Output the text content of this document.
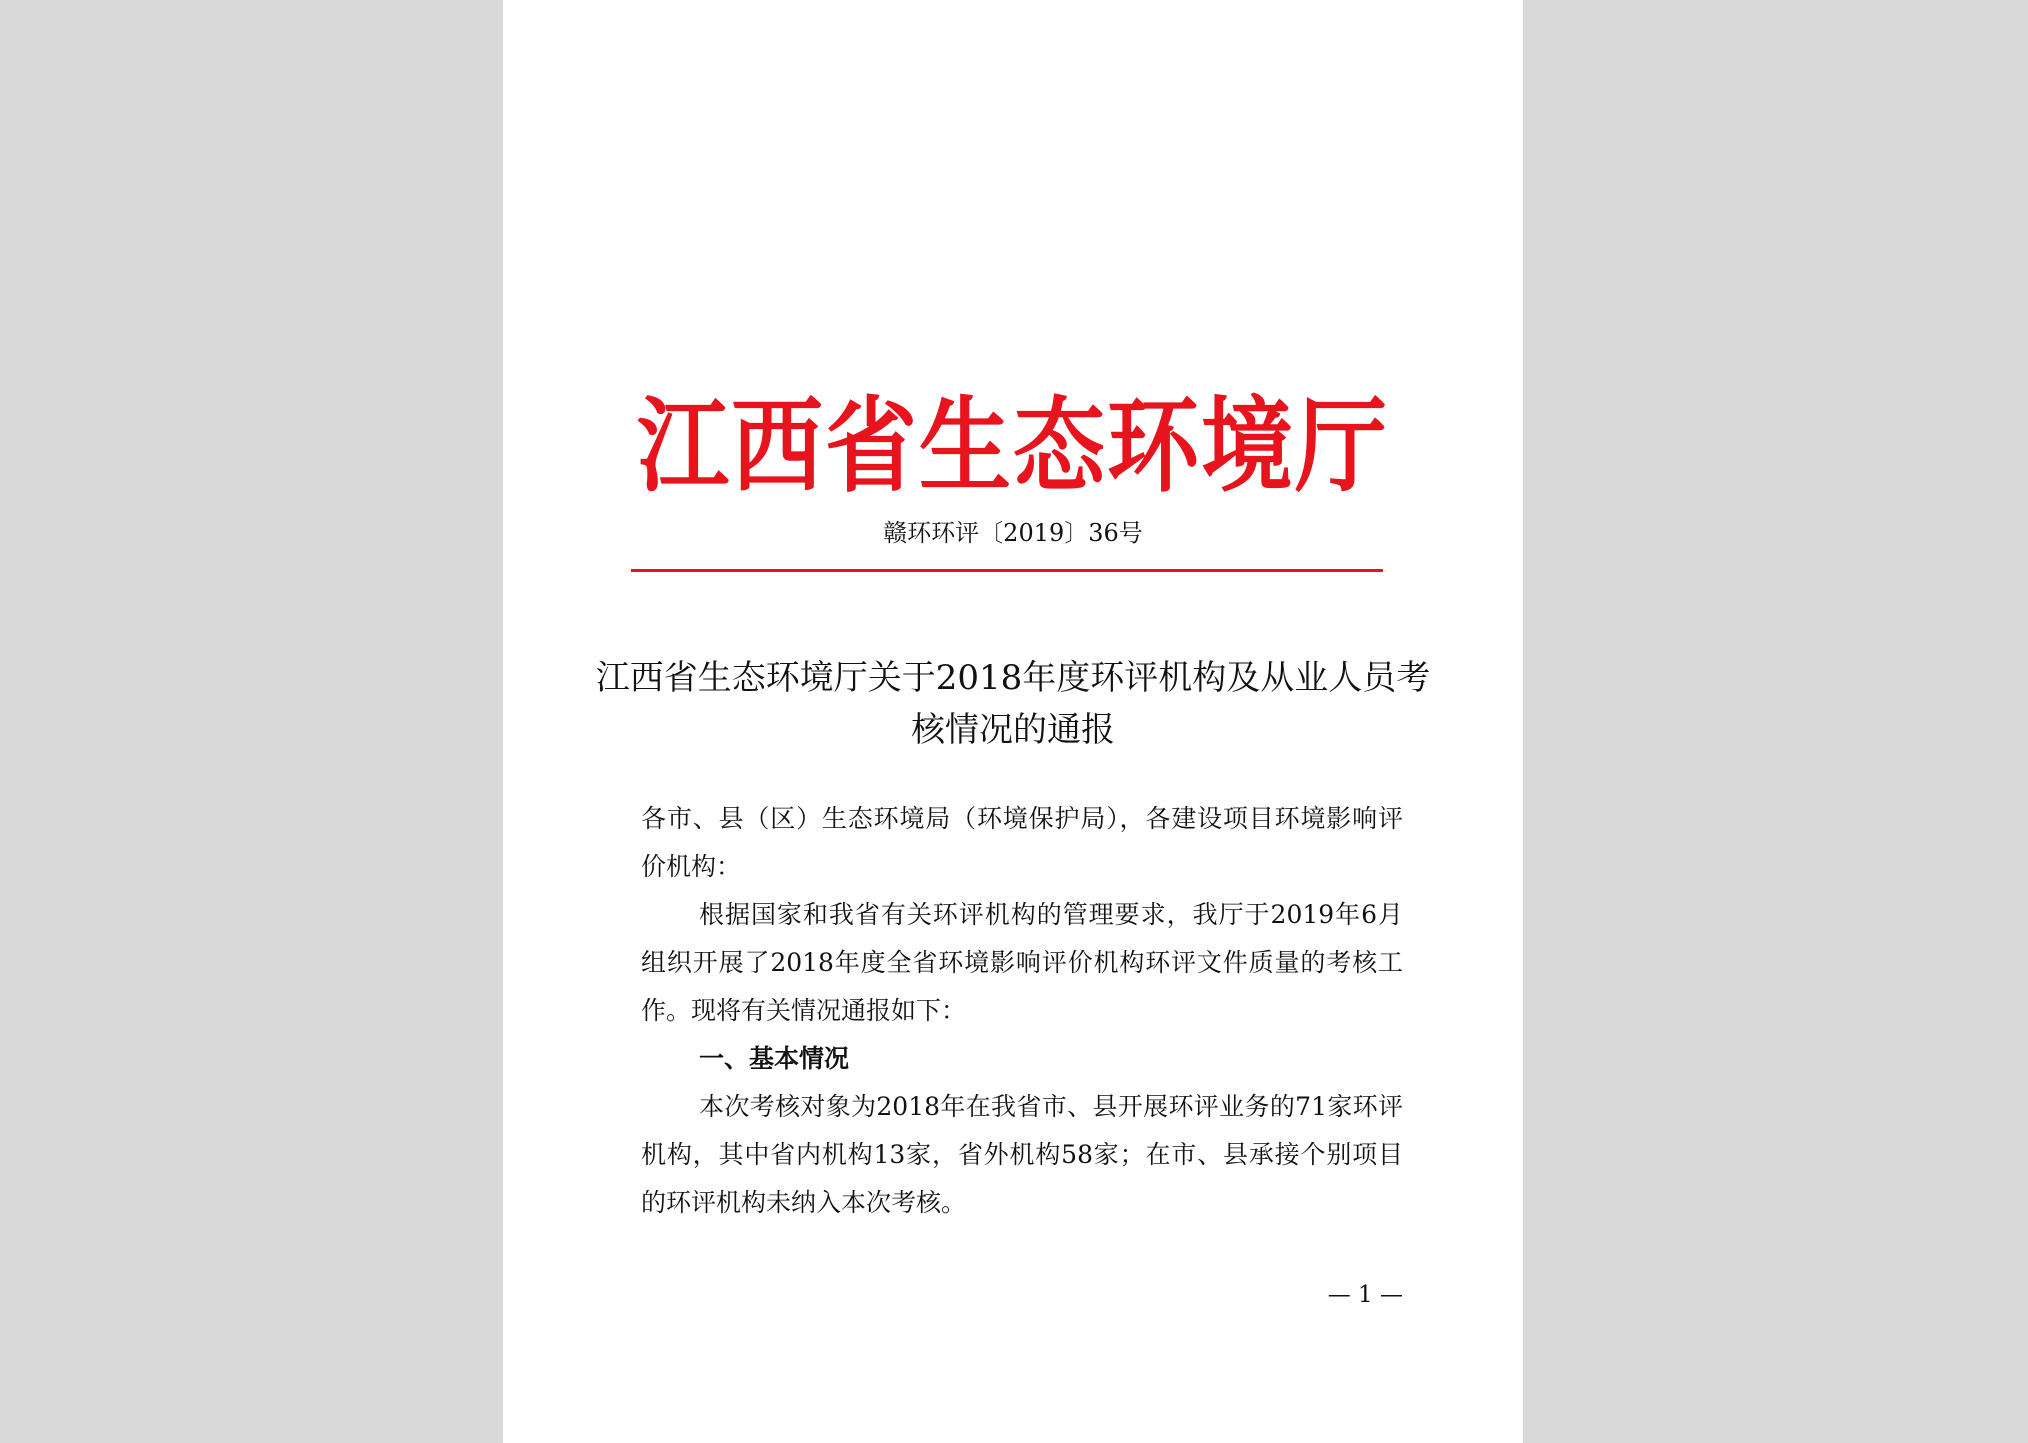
江西省生态环境厅
赣环环评〔2019〕36号
江西省生态环境厅关于2018年度环评机构及从业人员考核情况的通报

各市、县（区）生态环境局（环境保护局），各建设项目环境影响评价机构：

根据国家和我省有关环评机构的管理要求，我厅于2019年6月组织开展了2018年度全省环境影响评价机构环评文件质量的考核工作。现将有关情况通报如下：

一、基本情况

本次考核对象为2018年在我省市、县开展环评业务的71家环评机构，其中省内机构13家，省外机构58家；在市、县承接个别项目的环评机构未纳入本次考核。

— 1 —
